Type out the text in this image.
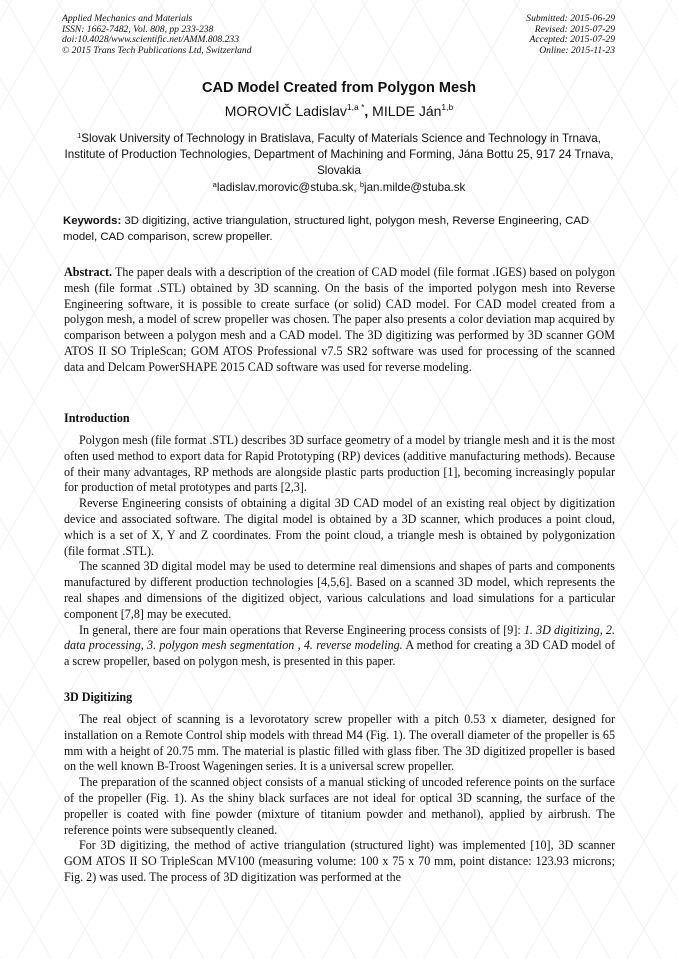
Applied Mechanics and Materials
ISSN: 1662-7482, Vol. 808, pp 233-238
doi:10.4028/www.scientific.net/AMM.808.233
© 2015 Trans Tech Publications Ltd, Switzerland
Submitted: 2015-06-29
Revised: 2015-07-29
Accepted: 2015-07-29
Online: 2015-11-23
CAD Model Created from Polygon Mesh
MOROVIČ Ladislav$^{1,a *}$, MILDE Ján$^{1,b}$
$^1$Slovak University of Technology in Bratislava, Faculty of Materials Science and Technology in Trnava, Institute of Production Technologies, Department of Machining and Forming, Jána Bottu 25, 917 24 Trnava, Slovakia
$^a$ladislav.morovic@stuba.sk, $^b$jan.milde@stuba.sk
Keywords: 3D digitizing, active triangulation, structured light, polygon mesh, Reverse Engineering, CAD model, CAD comparison, screw propeller.

Abstract. The paper deals with a description of the creation of CAD model (file format .IGES) based on polygon mesh (file format .STL) obtained by 3D scanning. On the basis of the imported polygon mesh into Reverse Engineering software, it is possible to create surface (or solid) CAD model. For CAD model created from a polygon mesh, a model of screw propeller was chosen. The paper also presents a color deviation map acquired by comparison between a polygon mesh and a CAD model. The 3D digitizing was performed by 3D scanner GOM ATOS II SO TripleScan; GOM ATOS Professional v7.5 SR2 software was used for processing of the scanned data and Delcam PowerSHAPE 2015 CAD software was used for reverse modeling.

Introduction

Polygon mesh (file format .STL) describes 3D surface geometry of a model by triangle mesh and it is the most often used method to export data for Rapid Prototyping (RP) devices (additive manufacturing methods). Because of their many advantages, RP methods are alongside plastic parts production [1], becoming increasingly popular for production of metal prototypes and parts [2,3].

Reverse Engineering consists of obtaining a digital 3D CAD model of an existing real object by digitization device and associated software. The digital model is obtained by a 3D scanner, which produces a point cloud, which is a set of X, Y and Z coordinates. From the point cloud, a triangle mesh is obtained by polygonization (file format .STL).

The scanned 3D digital model may be used to determine real dimensions and shapes of parts and components manufactured by different production technologies [4,5,6]. Based on a scanned 3D model, which represents the real shapes and dimensions of the digitized object, various calculations and load simulations for a particular component [7,8] may be executed.

In general, there are four main operations that Reverse Engineering process consists of [9]: 1. 3D digitizing, 2. data processing, 3. polygon mesh segmentation , 4. reverse modeling. A method for creating a 3D CAD model of a screw propeller, based on polygon mesh, is presented in this paper.

3D Digitizing

The real object of scanning is a levorotatory screw propeller with a pitch 0.53 x diameter, designed for installation on a Remote Control ship models with thread M4 (Fig. 1). The overall diameter of the propeller is 65 mm with a height of 20.75 mm. The material is plastic filled with glass fiber. The 3D digitized propeller is based on the well known B-Troost Wageningen series. It is a universal screw propeller.

The preparation of the scanned object consists of a manual sticking of uncoded reference points on the surface of the propeller (Fig. 1). As the shiny black surfaces are not ideal for optical 3D scanning, the surface of the propeller is coated with fine powder (mixture of titanium powder and methanol), applied by airbrush. The reference points were subsequently cleaned.

For 3D digitizing, the method of active triangulation (structured light) was implemented [10], 3D scanner GOM ATOS II SO TripleScan MV100 (measuring volume: 100 x 75 x 70 mm, point distance: 123.93 microns; Fig. 2) was used. The process of 3D digitization was performed at the
